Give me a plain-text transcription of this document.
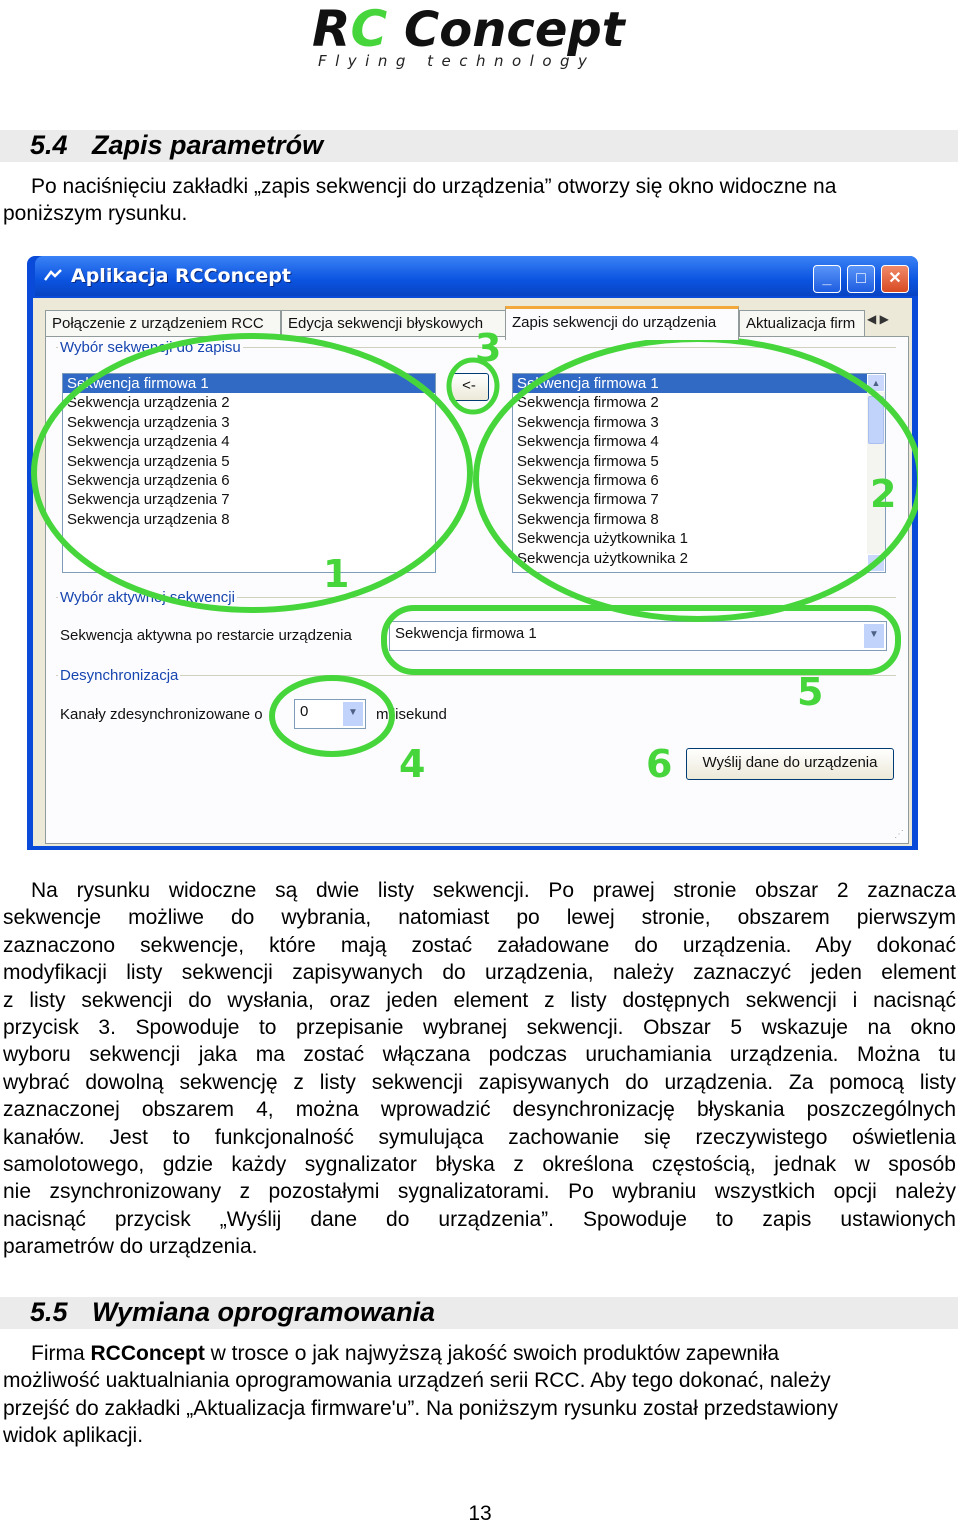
RC Concept
Flying technology
5.4 Zapis parametrów
Po naciśnięciu zakładki „zapis sekwencji do urządzenia” otworzy się okno widoczne na
poniższym rysunku.
Aplikacja RCConcept	_	□	✕
Połączenie z urządzeniem RCC	Edycja sekwencji błyskowych	Zapis sekwencji do urządzenia	Aktualizacja firm ◀ ▶
Wybór sekwencji do zapisu
Sekwencja firmowa 1
Sekwencja urządzenia 2
Sekwencja urządzenia 3
Sekwencja urządzenia 4
Sekwencja urządzenia 5
Sekwencja urządzenia 6
Sekwencja urządzenia 7
Sekwencja urządzenia 8
<-	Sekwencja firmowa 1
Sekwencja firmowa 2
Sekwencja firmowa 3
Sekwencja firmowa 4
Sekwencja firmowa 5
Sekwencja firmowa 6
Sekwencja firmowa 7
Sekwencja firmowa 8
Sekwencja użytkownika 1
Sekwencja użytkownika 2
▲
▼
Wybór aktywnej sekwencji
Sekwencja aktywna po restarcie urządzenia	Sekwencja firmowa 1	▼
Desynchronizacja
Kanały zdesynchronizowane o	0	▼	milisekund
Wyślij dane do urządzenia
⋰
1
2
3
4
5
6
Na rysunku widoczne są dwie listy sekwencji. Po prawej stronie obszar 2 zaznacza
sekwencje możliwe do wybrania, natomiast po lewej stronie, obszarem pierwszym
zaznaczono sekwencje, które mają zostać załadowane do urządzenia. Aby dokonać
modyfikacji listy sekwencji zapisywanych do urządzenia, należy zaznaczyć jeden element
z listy sekwencji do wysłania, oraz jeden element z listy dostępnych sekwencji i nacisnąć
przycisk 3. Spowoduje to przepisanie wybranej sekwencji. Obszar 5 wskazuje na okno
wyboru sekwencji jaka ma zostać włączana podczas uruchamiania urządzenia. Można tu
wybrać dowolną sekwencję z listy sekwencji zapisywanych do urządzenia. Za pomocą listy
zaznaczonej obszarem 4, można wprowadzić desynchronizację błyskania poszczególnych
kanałów. Jest to funkcjonalność symulująca zachowanie się rzeczywistego oświetlenia
samolotowego, gdzie każdy sygnalizator błyska z określona częstością, jednak w sposób
nie zsynchronizowany z pozostałymi sygnalizatorami. Po wybraniu wszystkich opcji należy
nacisnąć przycisk „Wyślij dane do urządzenia”. Spowoduje to zapis ustawionych
parametrów do urządzenia.
5.5 Wymiana oprogramowania
Firma RCConcept w trosce o jak najwyższą jakość swoich produktów zapewniła
możliwość uaktualniania oprogramowania urządzeń serii RCC. Aby tego dokonać, należy
przejść do zakładki „Aktualizacja firmware'u”. Na poniższym rysunku został przedstawiony
widok aplikacji.
13
